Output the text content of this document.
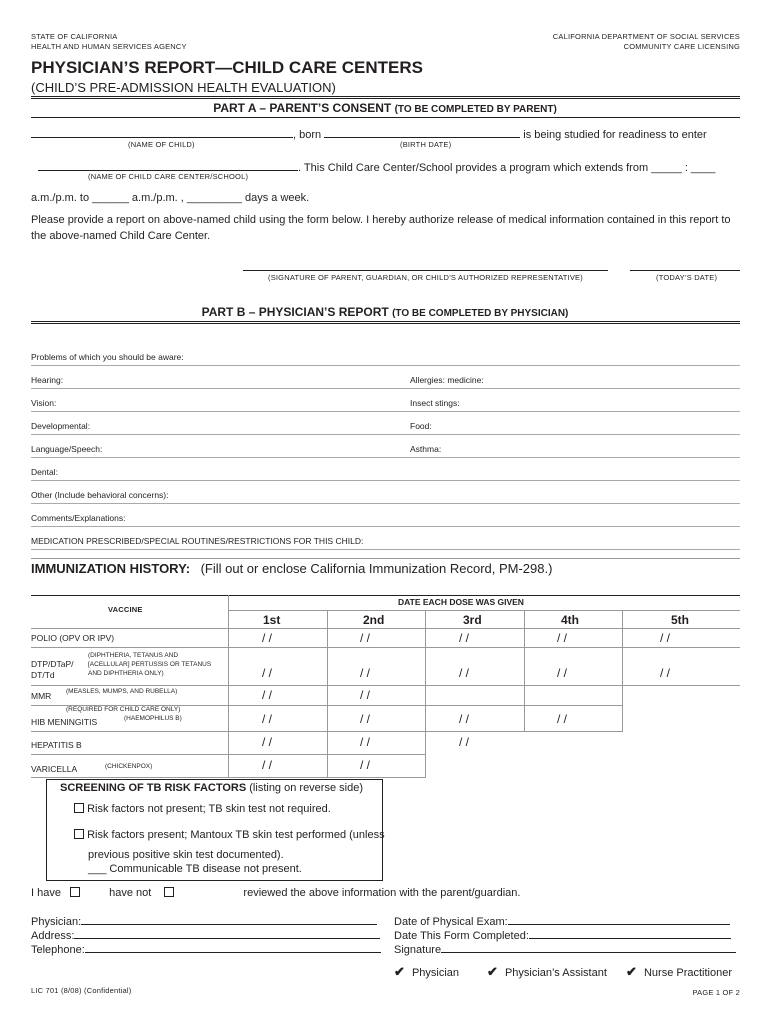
STATE OF CALIFORNIA
HEALTH AND HUMAN SERVICES AGENCY
CALIFORNIA DEPARTMENT OF SOCIAL SERVICES
COMMUNITY CARE LICENSING
PHYSICIAN’S REPORT—CHILD CARE CENTERS
(CHILD’S PRE-ADMISSION HEALTH EVALUATION)
PART A – PARENT’S CONSENT (TO BE COMPLETED BY PARENT)
, born	is being studied for readiness to enter
(NAME OF CHILD)	(BIRTH DATE)
. This Child Care Center/School provides a program which extends from _____ : ____
(NAME OF CHILD CARE CENTER/SCHOOL)
a.m./p.m. to ______ a.m./p.m. , _________ days a week.
Please provide a report on above-named child using the form below. I hereby authorize release of medical information contained in this report to the above-named Child Care Center.
(SIGNATURE OF PARENT, GUARDIAN, OR CHILD’S AUTHORIZED REPRESENTATIVE)	(TODAY’S DATE)
PART B – PHYSICIAN’S REPORT (TO BE COMPLETED BY PHYSICIAN)
Problems of which you should be aware:
Hearing:	Allergies: medicine:
Vision:	Insect stings:
Developmental:	Food:
Language/Speech:	Asthma:
Dental:
Other (Include behavioral concerns):
Comments/Explanations:
MEDICATION PRESCRIBED/SPECIAL ROUTINES/RESTRICTIONS FOR THIS CHILD:
IMMUNIZATION HISTORY: (Fill out or enclose California Immunization Record, PM-298.)
VACCINE
DATE EACH DOSE WAS GIVEN
1st	2nd	3rd	4th	5th
POLIO (OPV OR IPV)	/ /	/ /	/ /	/ /	/ /
DTP/DTaP/
DT/Td
(DIPHTHERIA, TETANUS AND
[ACELLULAR] PERTUSSIS OR TETANUS
AND DIPHTHERIA ONLY)	/ /	/ /	/ /	/ /	/ /
MMR (MEASLES, MUMPS, AND RUBELLA)	/ /	/ /
(REQUIRED FOR CHILD CARE ONLY)
HIB MENINGITIS	(HAEMOPHILUS B)	/ /	/ /	/ /	/ /
HEPATITIS B	/ /	/ /	/ /
VARICELLA	(CHICKENPOX)	/ /	/ /
SCREENING OF TB RISK FACTORS (listing on reverse side)
Risk factors not present; TB skin test not required.
Risk factors present; Mantoux TB skin test performed (unless
previous positive skin test documented).
___ Communicable TB disease not present.
I have	have not	reviewed the above information with the parent/guardian.
Physician:
Address:
Telephone:
Date of Physical Exam:
Date This Form Completed:
Signature
✔ Physician ✔ Physician’s Assistant ✔ Nurse Practitioner
LIC 701 (8/08) (Confidential)	PAGE 1 OF 2
